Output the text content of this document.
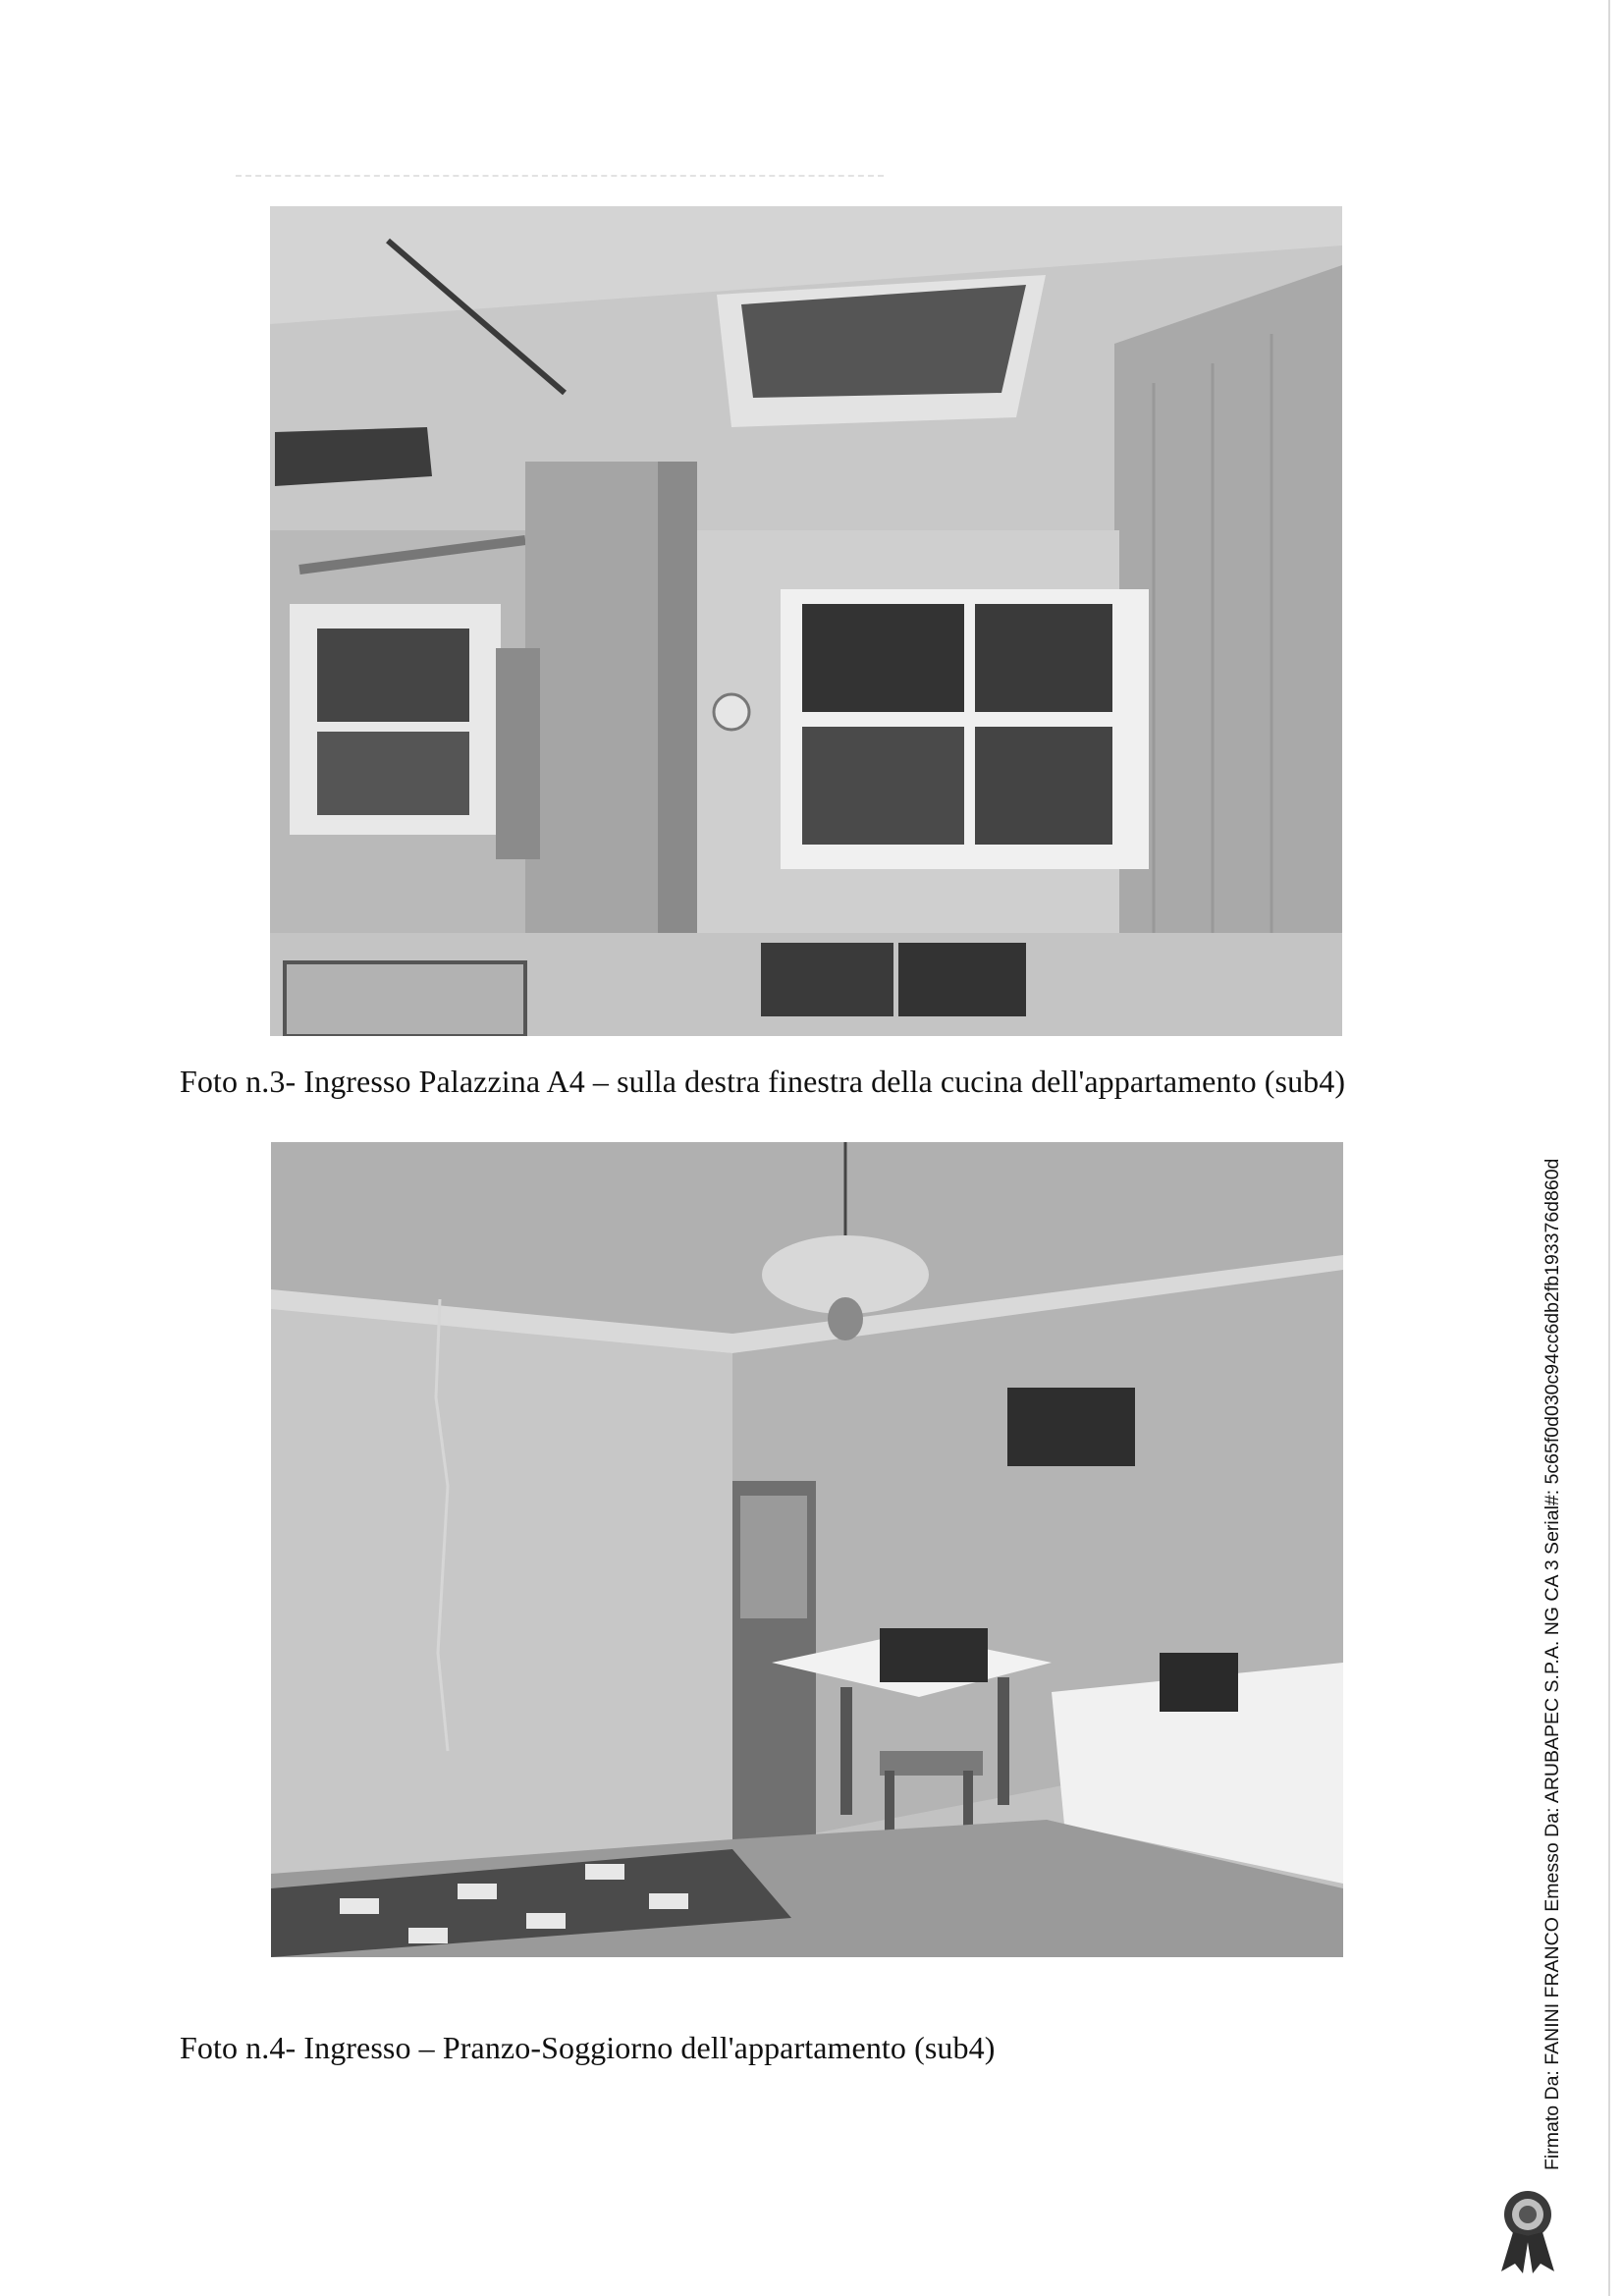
Foto n.3- Ingresso Palazzina A4 – sulla destra finestra della cucina dell'appartamento (sub4)
Foto n.4- Ingresso – Pranzo-Soggiorno dell'appartamento (sub4)	Firmato Da: FANINI FRANCO Emesso Da: ARUBAPEC S.P.A. NG CA 3 Serial#: 5c65f0d030c94cc6db2fb193376d860d
